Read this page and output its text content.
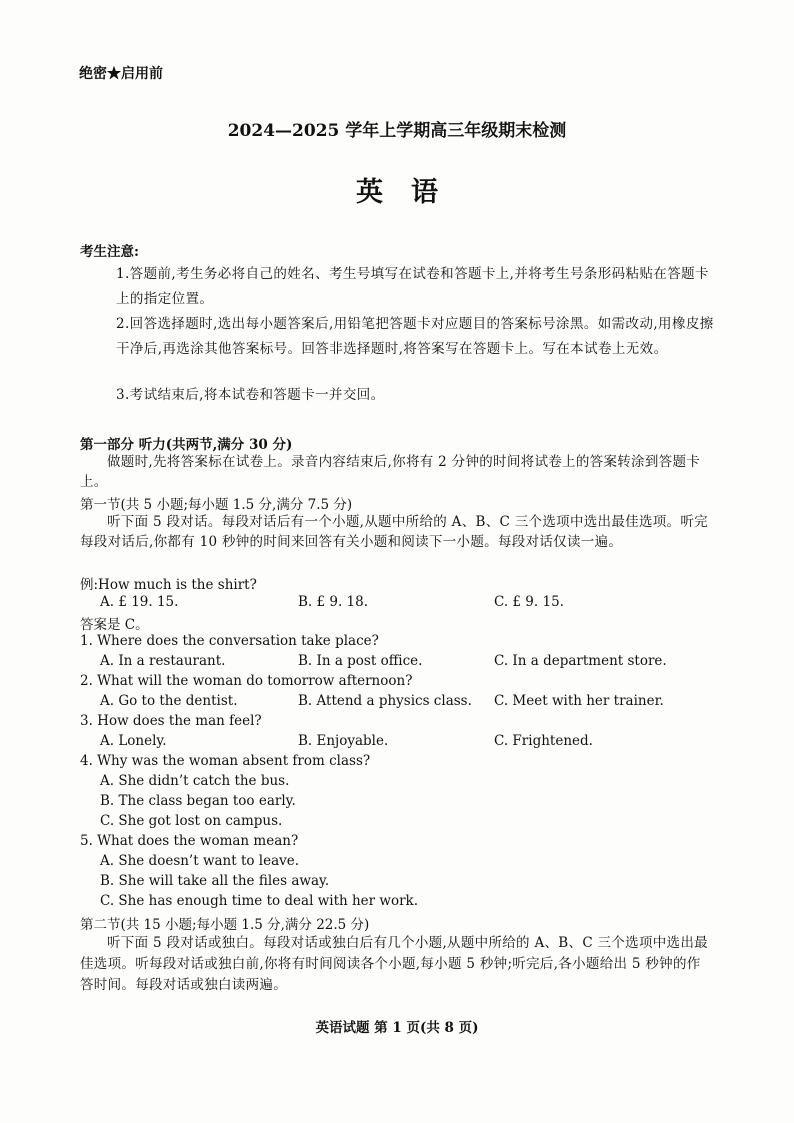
绝密★启用前
2024—2025 学年上学期高三年级期末检测
英语
考生注意:
1.答题前,考生务必将自己的姓名、考生号填写在试卷和答题卡上,并将考生号条形码粘贴在答题卡上的指定位置。
2.回答选择题时,选出每小题答案后,用铅笔把答题卡对应题目的答案标号涂黑。如需改动,用橡皮擦干净后,再选涂其他答案标号。回答非选择题时,将答案写在答题卡上。写在本试卷上无效。
3.考试结束后,将本试卷和答题卡一并交回。
第一部分 听力(共两节,满分 30 分)
做题时,先将答案标在试卷上。录音内容结束后,你将有 2 分钟的时间将试卷上的答案转涂到答题卡上。
第一节(共 5 小题;每小题 1.5 分,满分 7.5 分)
听下面 5 段对话。每段对话后有一个小题,从题中所给的 A、B、C 三个选项中选出最佳选项。听完每段对话后,你都有 10 秒钟的时间来回答有关小题和阅读下一小题。每段对话仅读一遍。
例:How much is the shirt?
A. £ 19. 15.	B. £ 9. 18.	C. £ 9. 15.
答案是 C。
1. Where does the conversation take place?
A. In a restaurant.	B. In a post office.	C. In a department store.
2. What will the woman do tomorrow afternoon?
A. Go to the dentist.	B. Attend a physics class. C. Meet with her trainer.
3. How does the man feel?
A. Lonely.	B. Enjoyable.	C. Frightened.
4. Why was the woman absent from class?
A. She didn’t catch the bus.
B. The class began too early.
C. She got lost on campus.
5. What does the woman mean?
A. She doesn’t want to leave.
B. She will take all the files away.
C. She has enough time to deal with her work.
第二节(共 15 小题;每小题 1.5 分,满分 22.5 分)
听下面 5 段对话或独白。每段对话或独白后有几个小题,从题中所给的 A、B、C 三个选项中选出最佳选项。听每段对话或独白前,你将有时间阅读各个小题,每小题 5 秒钟;听完后,各小题给出 5 秒钟的作答时间。每段对话或独白读两遍。
英语试题 第 1 页(共 8 页)
